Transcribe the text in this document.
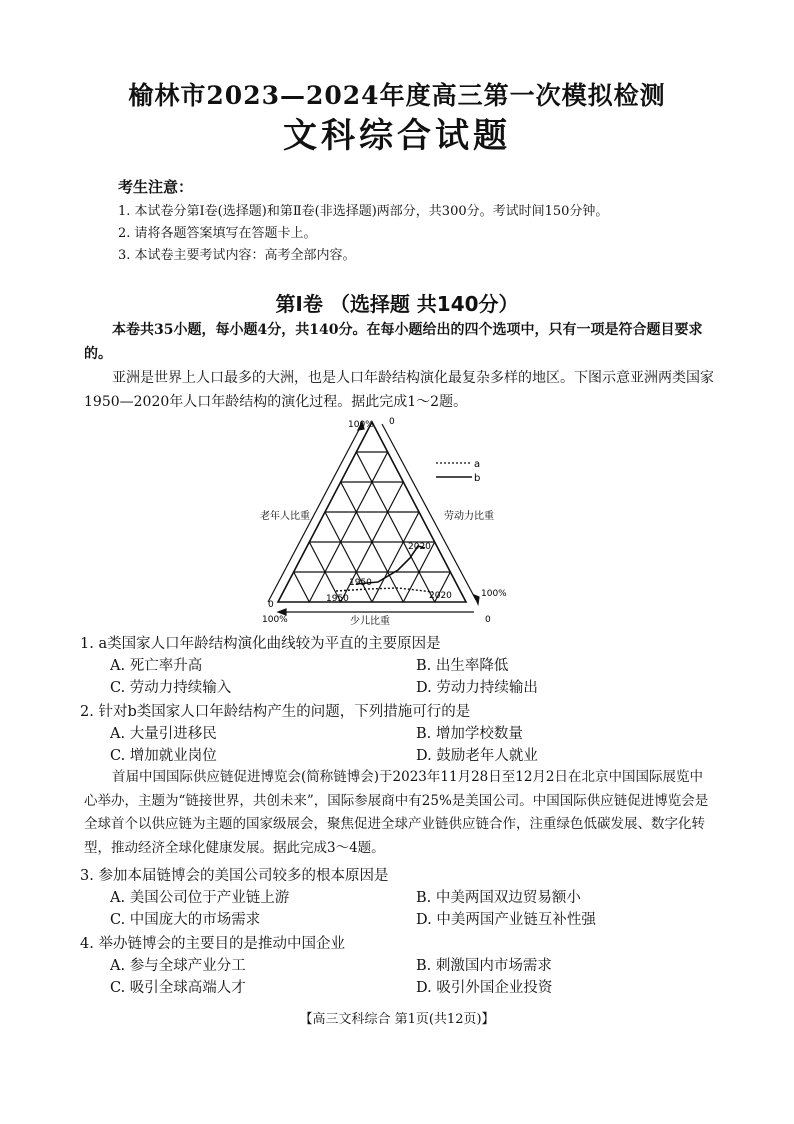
榆林市2023—2024年度高三第一次模拟检测
文科综合试题
考生注意：
1. 本试卷分第Ⅰ卷(选择题)和第Ⅱ卷(非选择题)两部分，共300分。考试时间150分钟。
2. 请将各题答案填写在答题卡上。
3. 本试卷主要考试内容：高考全部内容。
第Ⅰ卷 （选择题 共140分）
本卷共35小题，每小题4分，共140分。在每小题给出的四个选项中，只有一项是符合题目要求的。
亚洲是世界上人口最多的大洲，也是人口年龄结构演化最复杂多样的地区。下图示意亚洲两类国家1950—2020年人口年龄结构的演化过程。据此完成1～2题。
a
b
100% 0
0
100%
100%	0
老年人比重	劳动力比重
少儿比重
2020
1950
1950	2020
1. a类国家人口年龄结构演化曲线较为平直的主要原因是
A. 死亡率升高	B. 出生率降低
C. 劳动力持续输入	D. 劳动力持续输出
2. 针对b类国家人口年龄结构产生的问题，下列措施可行的是
A. 大量引进移民	B. 增加学校数量
C. 增加就业岗位	D. 鼓励老年人就业
首届中国国际供应链促进博览会(简称链博会)于2023年11月28日至12月2日在北京中国国际展览中心举办，主题为“链接世界，共创未来”，国际参展商中有25%是美国公司。中国国际供应链促进博览会是全球首个以供应链为主题的国家级展会，聚焦促进全球产业链供应链合作，注重绿色低碳发展、数字化转型，推动经济全球化健康发展。据此完成3～4题。
3. 参加本届链博会的美国公司较多的根本原因是
A. 美国公司位于产业链上游	B. 中美两国双边贸易额小
C. 中国庞大的市场需求	D. 中美两国产业链互补性强
4. 举办链博会的主要目的是推动中国企业
A. 参与全球产业分工	B. 刺激国内市场需求
C. 吸引全球高端人才	D. 吸引外国企业投资
【高三文科综合 第1页(共12页)】
